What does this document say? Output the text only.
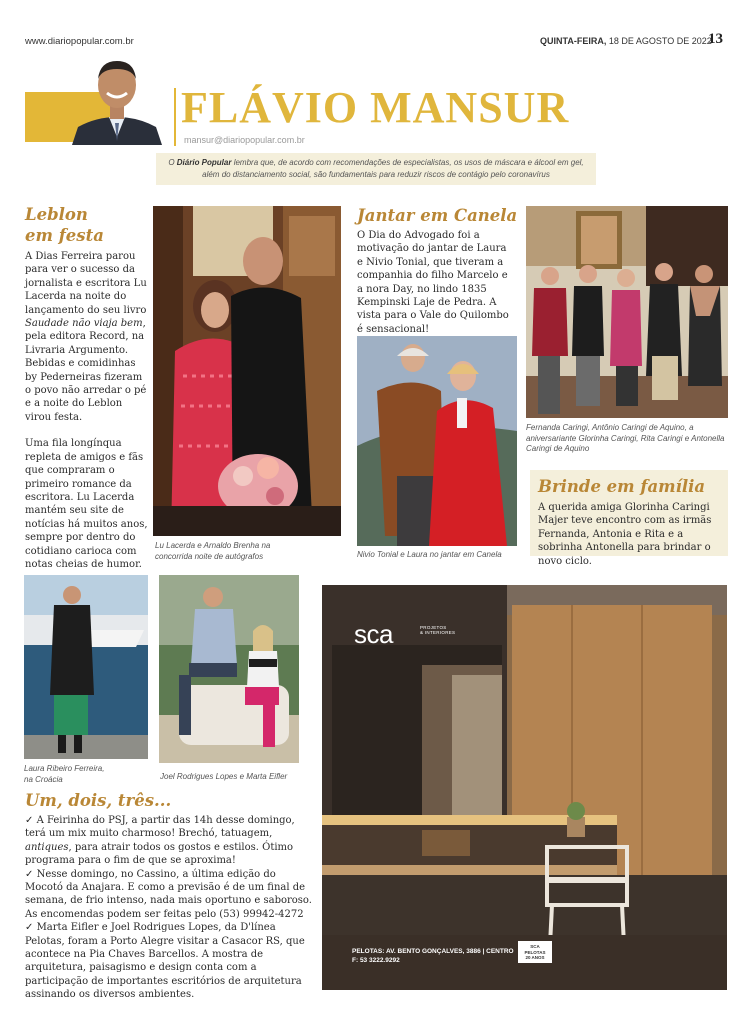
www.diariopopular.com.br	QUINTA-FEIRA, 18 DE AGOSTO DE 2022
13
FLÁVIO MANSUR
mansur@diariopopular.com.br
O Diário Popular lembra que, de acordo com recomendações de especialistas, os usos de máscara e álcool em gel,
além do distanciamento social, são fundamentais para reduzir riscos de contágio pelo coronavírus
Leblon
em festa

A Dias Ferreira parou para ver o sucesso da jornalista e escritora Lu Lacerda na noite do lançamento do seu livro Saudade não viaja bem, pela editora Record, na Livraria Argumento. Bebidas e comidinhas by Pederneiras fizeram o povo não arredar o pé e a noite do Leblon virou festa.

Uma fila longínqua repleta de amigos e fãs que compraram o primeiro romance da escritora. Lu Lacerda mantém seu site de notícias há muitos anos, sempre por dentro do cotidiano carioca com notas cheias de humor.

Lu Lacerda e Arnaldo Brenha na concorrida noite de autógrafos
Jantar em Canela
O Dia do Advogado foi a motivação do jantar de Laura e Nivio Tonial, que tiveram a companhia do filho Marcelo e a nora Day, no lindo 1835 Kempinski Laje de Pedra. A vista para o Vale do Quilombo é sensacional!
Nivio Tonial e Laura no jantar em Canela
Fernanda Caringi, Antônio Caringi de Aquino, a aniversariante Glorinha Caringi, Rita Caringi e Antonella Caringi de Aquino
Brinde em família
A querida amiga Glorinha Caringi Majer teve encontro com as irmãs Fernanda, Antonia e Rita e a sobrinha Antonella para brindar o novo ciclo.
Laura Ribeiro Ferreira, na Croácia	Joel Rodrigues Lopes e Marta Eifler
Um, dois, três...

✓ A Feirinha do PSJ, a partir das 14h desse domingo, terá um mix muito charmoso! Brechó, tatuagem, antiques, para atrair todos os gostos e estilos. Ótimo programa para o fim de que se aproxima!

✓ Nesse domingo, no Cassino, a última edição do Mocotó da Anajara. E como a previsão é de um final de semana, de frio intenso, nada mais oportuno e saboroso. As encomendas podem ser feitas pelo (53) 99942-4272

✓ Marta Eifler e Joel Rodrigues Lopes, da D'línea Pelotas, foram a Porto Alegre visitar a Casacor RS, que acontece na Pia Chaves Barcellos. A mostra de arquitetura, paisagismo e design conta com a participação de importantes escritórios de arquitetura assinando os diversos ambientes.

sca	PROJETOS
& INTERIORES
PELOTAS: AV. BENTO GONÇALVES, 3886 | CENTRO
F: 53 3222.9292
SCA
PELOTAS
20 ANOS
